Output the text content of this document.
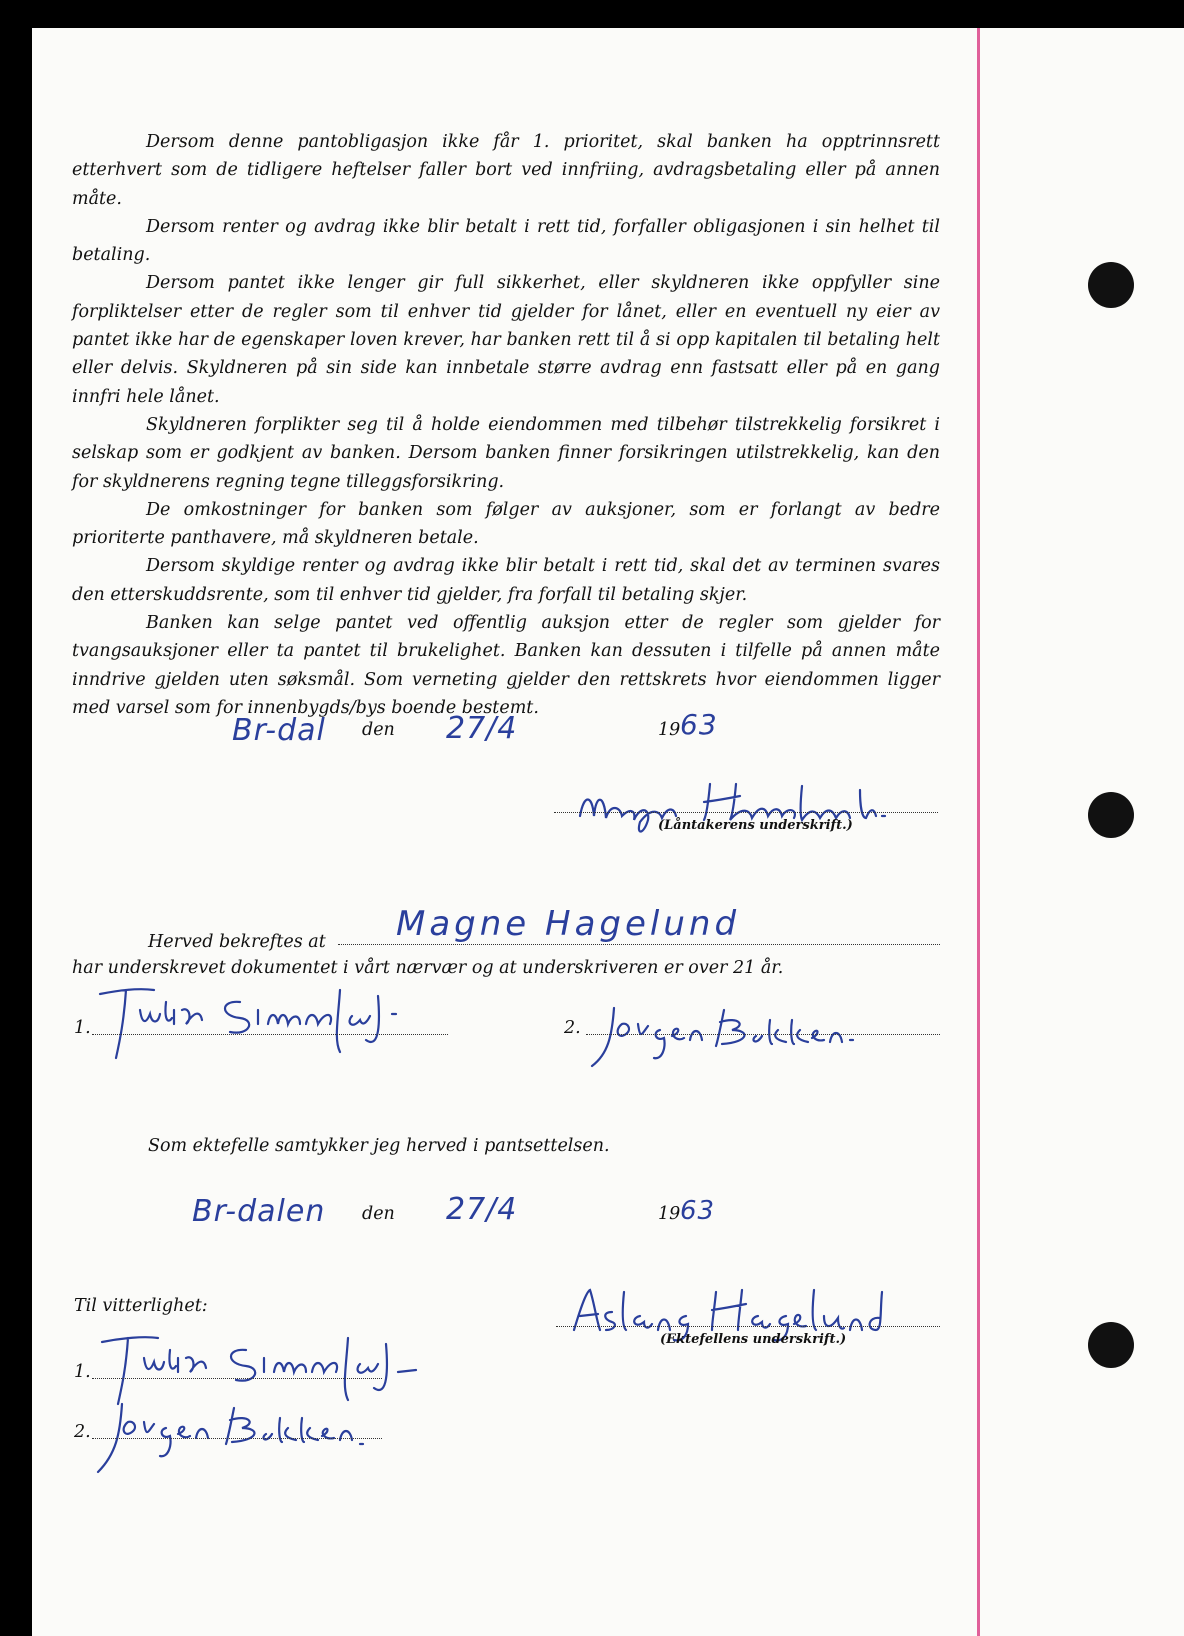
Dersom denne pantobligasjon ikke får 1. prioritet, skal banken ha opptrinnsrett etterhvert som de tidligere heftelser faller bort ved innfriing, avdragsbetaling eller på annen måte.

Dersom renter og avdrag ikke blir betalt i rett tid, forfaller obligasjonen i sin helhet til betaling.

Dersom pantet ikke lenger gir full sikkerhet, eller skyldneren ikke oppfyller sine forpliktelser etter de regler som til enhver tid gjelder for lånet, eller en eventuell ny eier av pantet ikke har de egenskaper loven krever, har banken rett til å si opp kapitalen til betaling helt eller delvis. Skyldneren på sin side kan innbetale større avdrag enn fastsatt eller på en gang innfri hele lånet.

Skyldneren forplikter seg til å holde eiendommen med tilbehør tilstrekkelig forsikret i selskap som er godkjent av banken. Dersom banken finner forsikringen utilstrekkelig, kan den for skyldnerens regning tegne tilleggsforsikring.

De omkostninger for banken som følger av auksjoner, som er forlangt av bedre prioriterte panthavere, må skyldneren betale.

Dersom skyldige renter og avdrag ikke blir betalt i rett tid, skal det av terminen svares den etterskuddsrente, som til enhver tid gjelder, fra forfall til betaling skjer.

Banken kan selge pantet ved offentlig auksjon etter de regler som gjelder for tvangsauksjoner eller ta pantet til brukelighet. Banken kan dessuten i tilfelle på annen måte inndrive gjelden uten søksmål. Som verneting gjelder den rettskrets hvor eiendommen ligger med varsel som for innenbygds/bys boende bestemt.

Br-dal den 27/4	19 63
(Låntakerens underskrift.)
Herved bekreftes at Magne Hagelund
har underskrevet dokumentet i vårt nærvær og at underskriveren er over 21 år.
1.	2.
Som ektefelle samtykker jeg herved i pantsettelsen.
Br-dalen den 27/4	19 63
Til vitterlighet:
(Ektefellens underskrift.)
1.
2.
